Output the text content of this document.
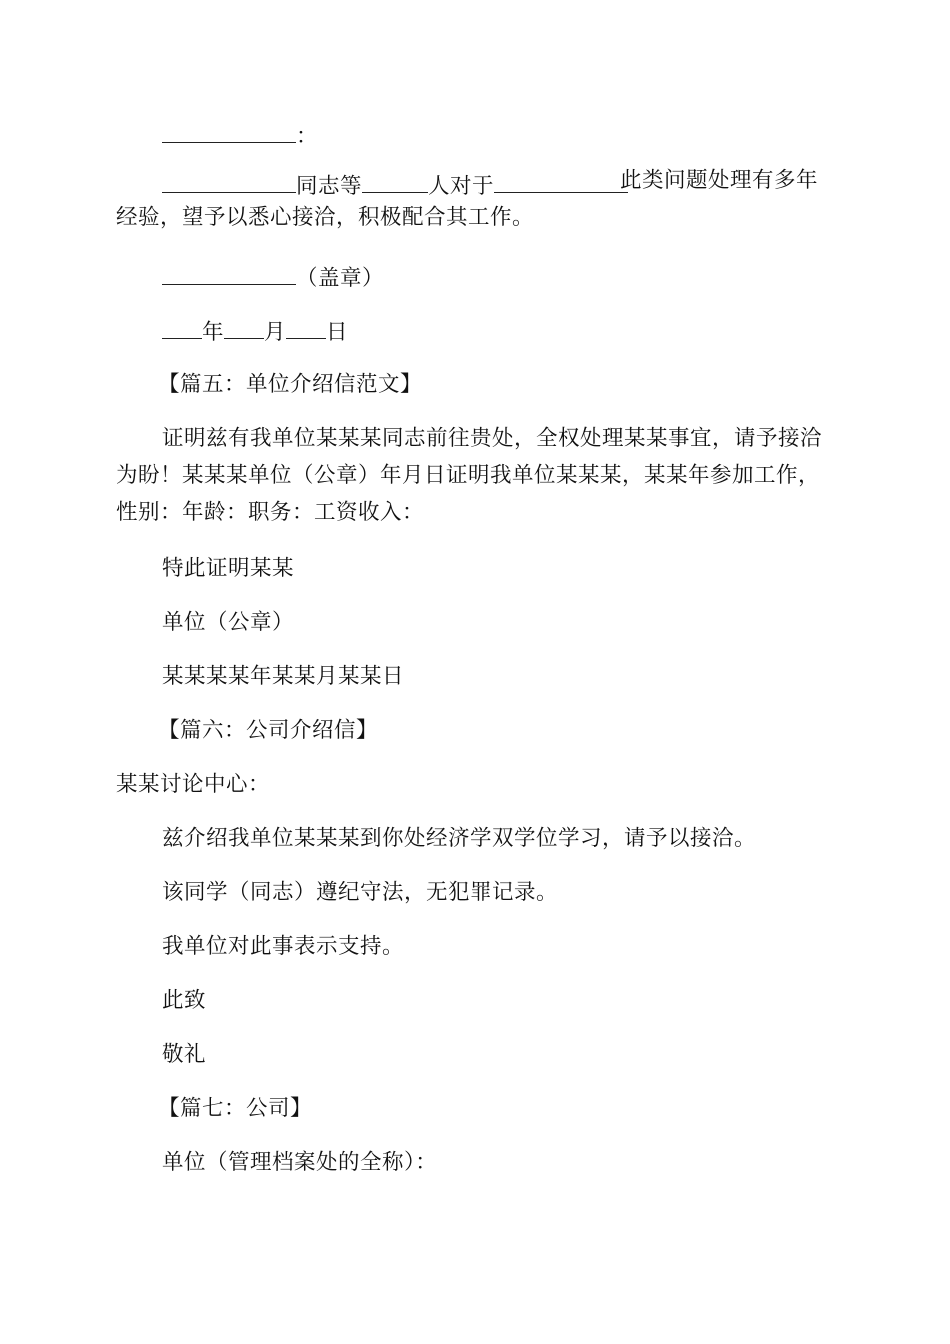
：
同志等	人对于	此类问题处理有多年经验，望予以悉心接洽，积极配合其工作。
（盖章）
年 月 日
【篇五：单位介绍信范文】
证明兹有我单位某某某同志前往贵处，全权处理某某事宜，请予接洽为盼！某某某单位（公章）年月日证明我单位某某某，某某年参加工作，性别：年龄：职务：工资收入：
特此证明某某
单位（公章）
某某某某年某某月某某日
【篇六：公司介绍信】
某某讨论中心：
兹介绍我单位某某某到你处经济学双学位学习，请予以接洽。
该同学（同志）遵纪守法，无犯罪记录。
我单位对此事表示支持。
此致
敬礼
【篇七：公司】
单位（管理档案处的全称）：
